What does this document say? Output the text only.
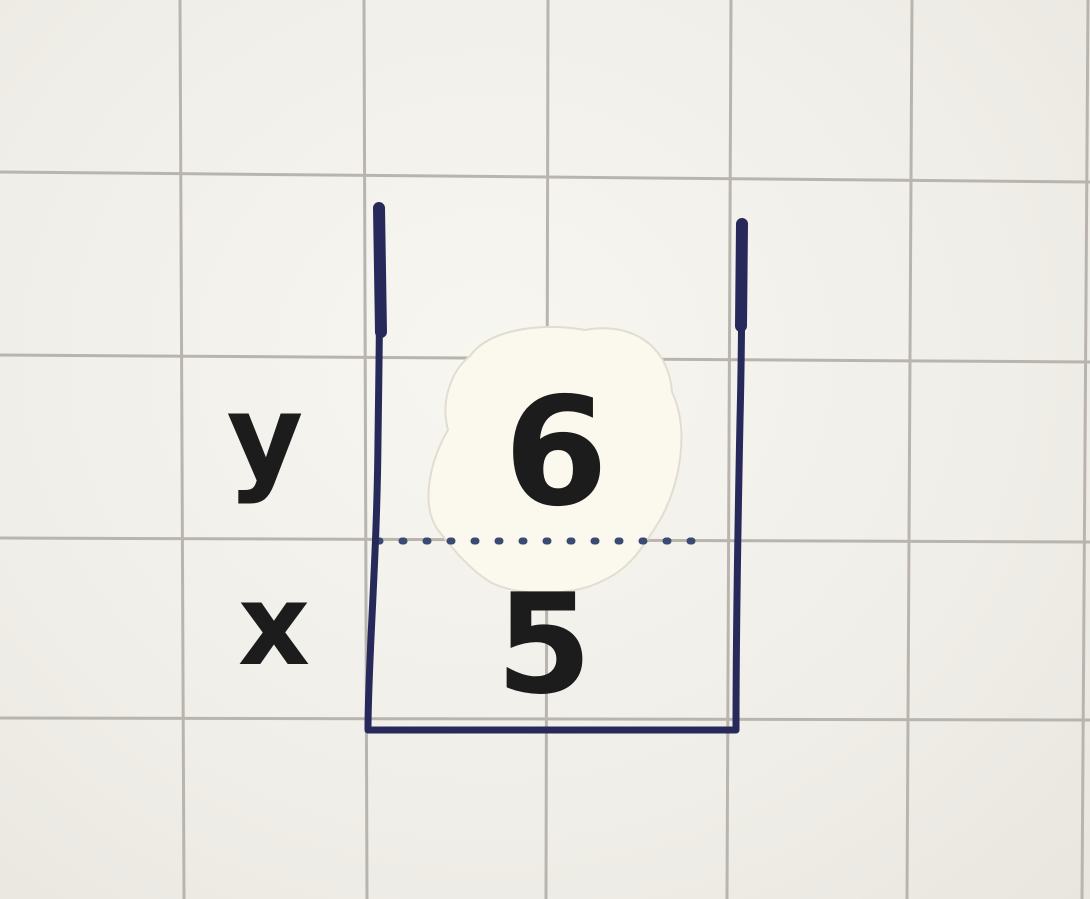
y
x
6
5
